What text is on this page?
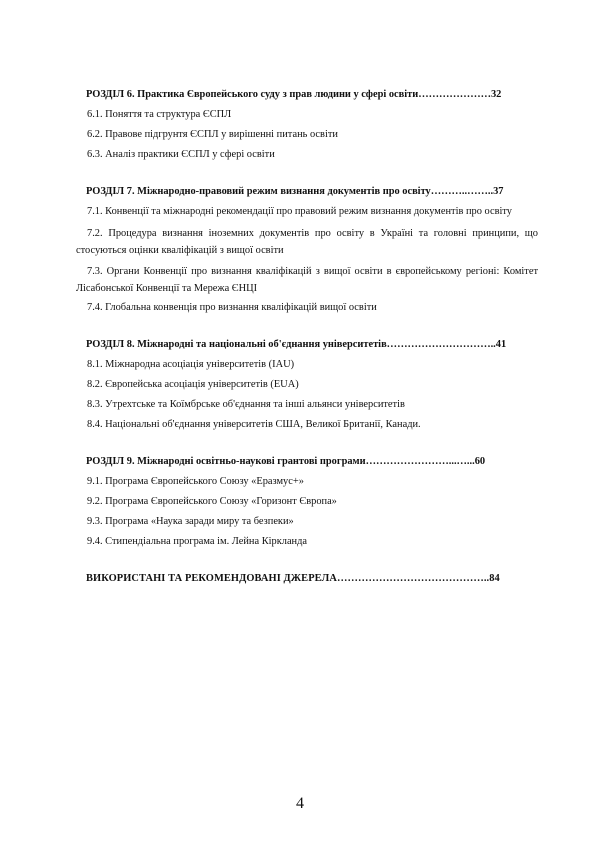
РОЗДІЛ 6. Практика Європейського суду з прав людини у сфері освіти…………………32
6.1. Поняття та структура ЄСПЛ
6.2. Правове підгрунтя ЄСПЛ у вирішенні питань освіти
6.3. Аналіз практики ЄСПЛ у сфері освіти
РОЗДІЛ 7. Міжнародно-правовий режим визнання документів про освіту………..……..37
7.1. Конвенції та міжнародні рекомендації про правовий режим визнання документів про освіту
7.2. Процедура визнання іноземних документів про освіту в Україні та головні принципи, що стосуються оцінки кваліфікацій з вищої освіти
7.3. Органи Конвенції про визнання кваліфікацій з вищої освіти в європейському регіоні: Комітет Лісабонської Конвенції та Мережа ЄНЦІ
7.4. Глобальна конвенція про визнання кваліфікацій вищої освіти
РОЗДІЛ 8. Міжнародні та національні об'єднання університетів…………………………..41
8.1. Міжнародна асоціація університетів (IAU)
8.2. Європейська асоціація університетів (EUA)
8.3. Утрехтське та Коїмбрське об'єднання та інші альянси університетів
8.4. Національні об'єднання університетів США, Великої Британії, Канади.
РОЗДІЛ 9. Міжнародні освітньо-наукові грантові програми……………………...…...60
9.1. Програма Європейського Союзу «Еразмус+»
9.2. Програма Європейського Союзу «Горизонт Європа»
9.3. Програма «Наука заради миру та безпеки»
9.4. Стипендіальна програма ім. Лейна Кіркланда
ВИКОРИСТАНІ ТА РЕКОМЕНДОВАНІ ДЖЕРЕЛА……………………………………..84
4
